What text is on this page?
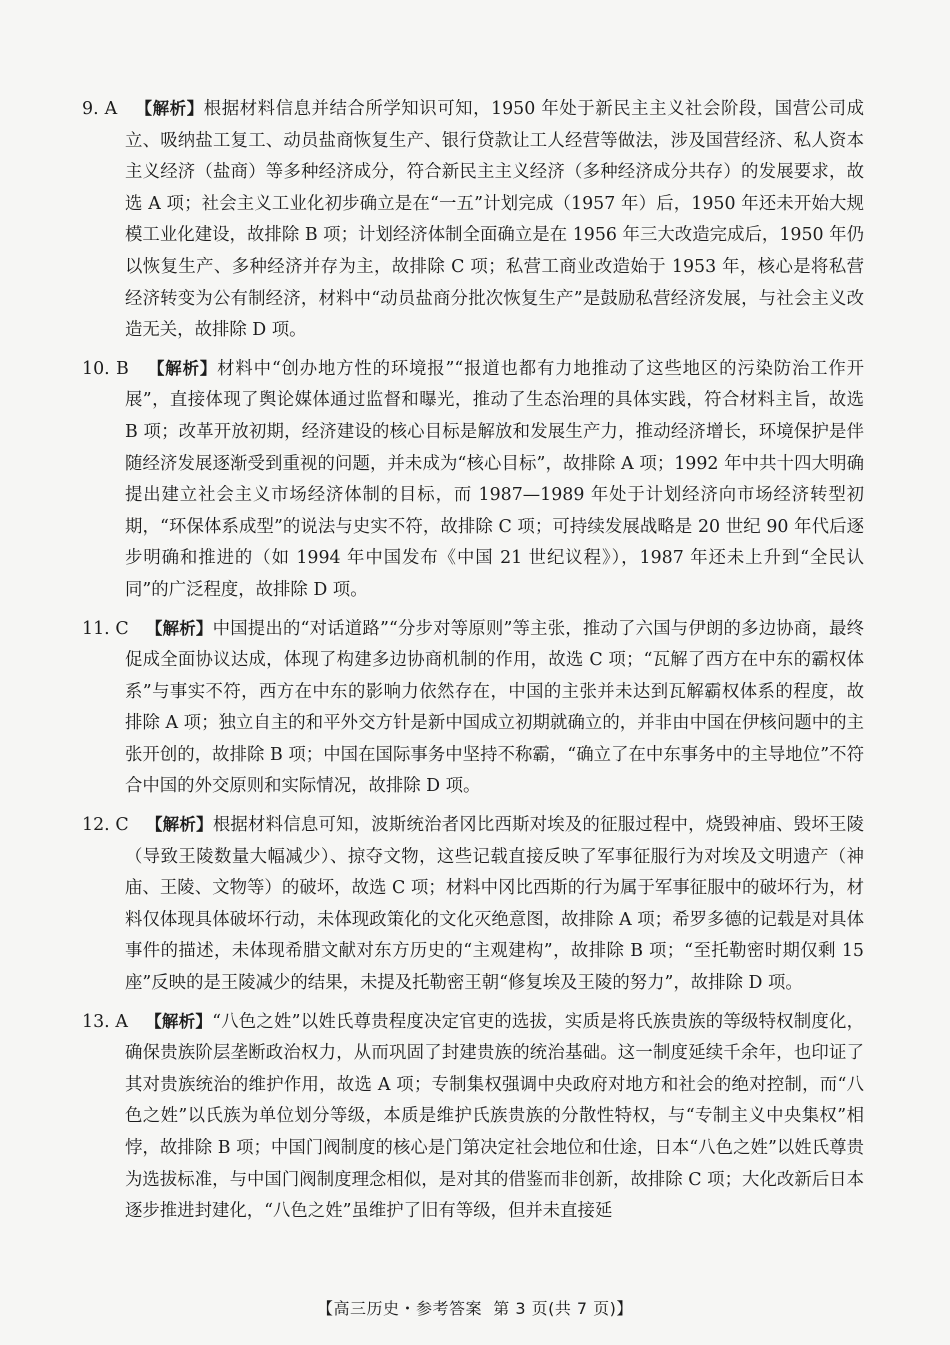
9. A 【解析】根据材料信息并结合所学知识可知，1950 年处于新民主主义社会阶段，国营公司成立、吸纳盐工复工、动员盐商恢复生产、银行贷款让工人经营等做法，涉及国营经济、私人资本主义经济（盐商）等多种经济成分，符合新民主主义经济（多种经济成分共存）的发展要求，故选 A 项；社会主义工业化初步确立是在“一五”计划完成（1957 年）后，1950 年还未开始大规模工业化建设，故排除 B 项；计划经济体制全面确立是在 1956 年三大改造完成后，1950 年仍以恢复生产、多种经济并存为主，故排除 C 项；私营工商业改造始于 1953 年，核心是将私营经济转变为公有制经济，材料中“动员盐商分批次恢复生产”是鼓励私营经济发展，与社会主义改造无关，故排除 D 项。
10. B 【解析】材料中“创办地方性的环境报”“报道也都有力地推动了这些地区的污染防治工作开展”，直接体现了舆论媒体通过监督和曝光，推动了生态治理的具体实践，符合材料主旨，故选 B 项；改革开放初期，经济建设的核心目标是解放和发展生产力，推动经济增长，环境保护是伴随经济发展逐渐受到重视的问题，并未成为“核心目标”，故排除 A 项；1992 年中共十四大明确提出建立社会主义市场经济体制的目标，而 1987—1989 年处于计划经济向市场经济转型初期，“环保体系成型”的说法与史实不符，故排除 C 项；可持续发展战略是 20 世纪 90 年代后逐步明确和推进的（如 1994 年中国发布《中国 21 世纪议程》），1987 年还未上升到“全民认同”的广泛程度，故排除 D 项。
11. C 【解析】中国提出的“对话道路”“分步对等原则”等主张，推动了六国与伊朗的多边协商，最终促成全面协议达成，体现了构建多边协商机制的作用，故选 C 项；“瓦解了西方在中东的霸权体系”与事实不符，西方在中东的影响力依然存在，中国的主张并未达到瓦解霸权体系的程度，故排除 A 项；独立自主的和平外交方针是新中国成立初期就确立的，并非由中国在伊核问题中的主张开创的，故排除 B 项；中国在国际事务中坚持不称霸，“确立了在中东事务中的主导地位”不符合中国的外交原则和实际情况，故排除 D 项。
12. C 【解析】根据材料信息可知，波斯统治者冈比西斯对埃及的征服过程中，烧毁神庙、毁坏王陵（导致王陵数量大幅减少）、掠夺文物，这些记载直接反映了军事征服行为对埃及文明遗产（神庙、王陵、文物等）的破坏，故选 C 项；材料中冈比西斯的行为属于军事征服中的破坏行为，材料仅体现具体破坏行动，未体现政策化的文化灭绝意图，故排除 A 项；希罗多德的记载是对具体事件的描述，未体现希腊文献对东方历史的“主观建构”，故排除 B 项；“至托勒密时期仅剩 15 座”反映的是王陵减少的结果，未提及托勒密王朝“修复埃及王陵的努力”，故排除 D 项。
13. A 【解析】“八色之姓”以姓氏尊贵程度决定官吏的选拔，实质是将氏族贵族的等级特权制度化，确保贵族阶层垄断政治权力，从而巩固了封建贵族的统治基础。这一制度延续千余年，也印证了其对贵族统治的维护作用，故选 A 项；专制集权强调中央政府对地方和社会的绝对控制，而“八色之姓”以氏族为单位划分等级，本质是维护氏族贵族的分散性特权，与“专制主义中央集权”相悖，故排除 B 项；中国门阀制度的核心是门第决定社会地位和仕途，日本“八色之姓”以姓氏尊贵为选拔标准，与中国门阀制度理念相似，是对其的借鉴而非创新，故排除 C 项；大化改新后日本逐步推进封建化，“八色之姓”虽维护了旧有等级，但并未直接延
【高三历史・参考答案 第 3 页(共 7 页)】
